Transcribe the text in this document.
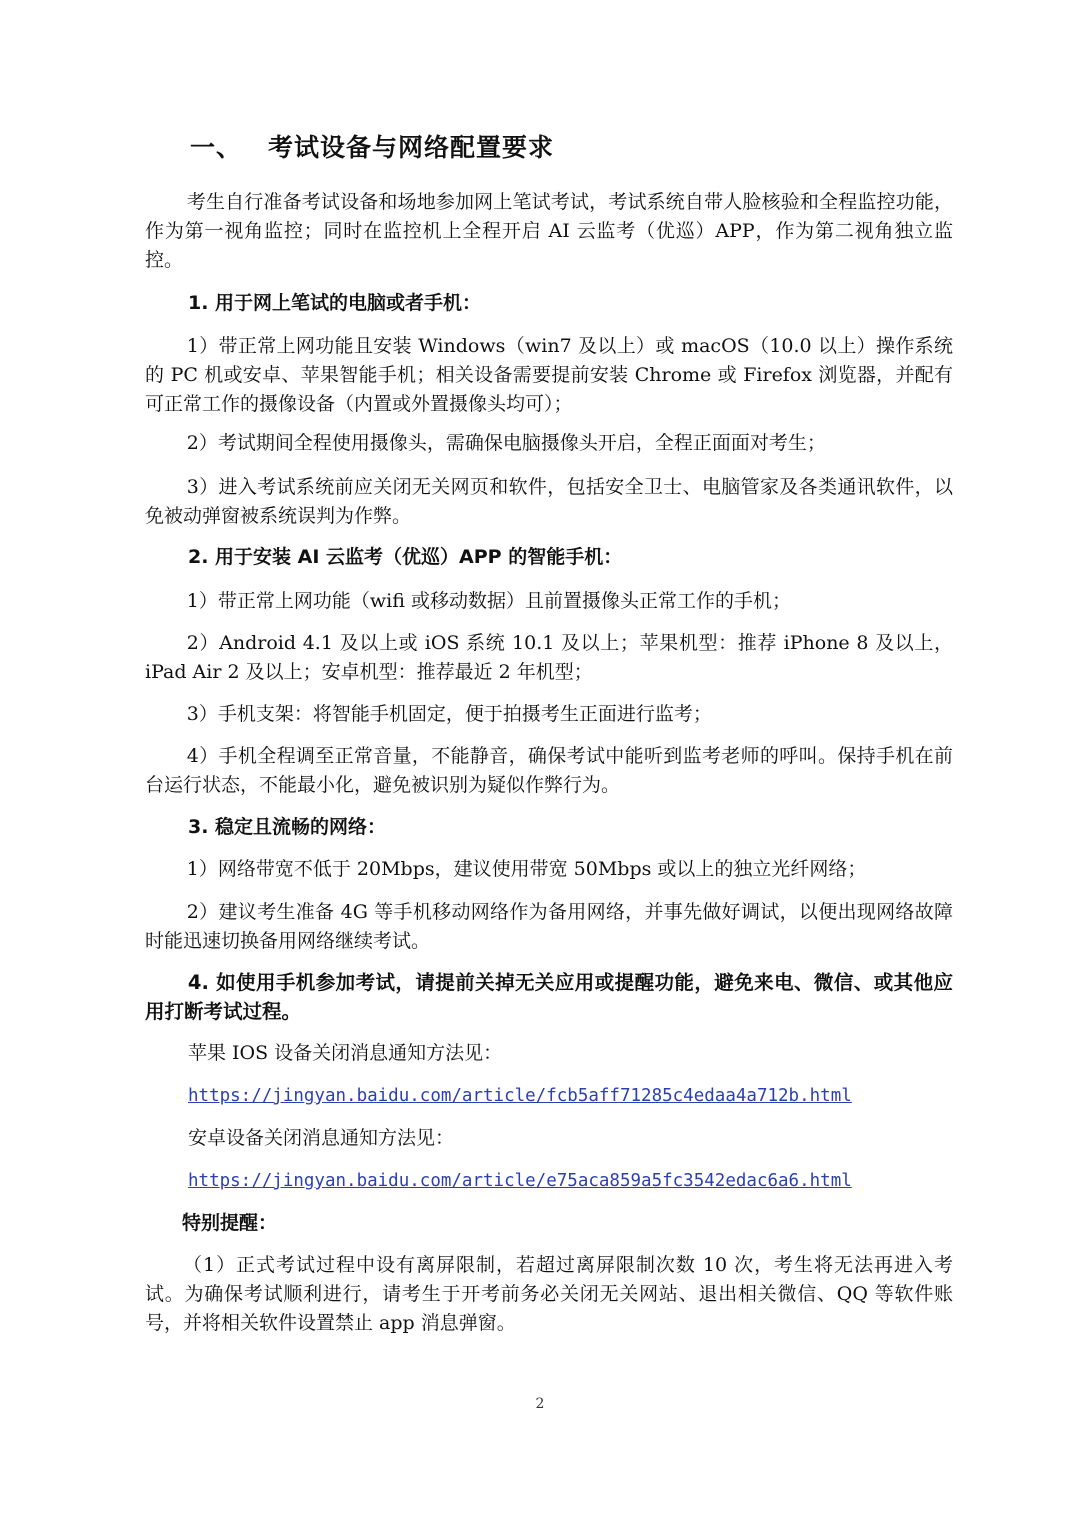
一、 考试设备与网络配置要求

考生自行准备考试设备和场地参加网上笔试考试，考试系统自带人脸核验和全程监控功能，作为第一视角监控；同时在监控机上全程开启 AI 云监考（优巡）APP，作为第二视角独立监控。

1. 用于网上笔试的电脑或者手机：

1）带正常上网功能且安装 Windows（win7 及以上）或 macOS（10.0 以上）操作系统的 PC 机或安卓、苹果智能手机；相关设备需要提前安装 Chrome 或 Firefox 浏览器，并配有可正常工作的摄像设备（内置或外置摄像头均可）；

2）考试期间全程使用摄像头，需确保电脑摄像头开启，全程正面面对考生；

3）进入考试系统前应关闭无关网页和软件，包括安全卫士、电脑管家及各类通讯软件，以免被动弹窗被系统误判为作弊。

2. 用于安装 AI 云监考（优巡）APP 的智能手机：

1）带正常上网功能（wifi 或移动数据）且前置摄像头正常工作的手机；

2）Android 4.1 及以上或 iOS 系统 10.1 及以上；苹果机型：推荐 iPhone 8 及以上，iPad Air 2 及以上；安卓机型：推荐最近 2 年机型；

3）手机支架：将智能手机固定，便于拍摄考生正面进行监考；

4）手机全程调至正常音量，不能静音，确保考试中能听到监考老师的呼叫。保持手机在前台运行状态，不能最小化，避免被识别为疑似作弊行为。

3. 稳定且流畅的网络：

1）网络带宽不低于 20Mbps，建议使用带宽 50Mbps 或以上的独立光纤网络；

2）建议考生准备 4G 等手机移动网络作为备用网络，并事先做好调试，以便出现网络故障时能迅速切换备用网络继续考试。

4. 如使用手机参加考试，请提前关掉无关应用或提醒功能，避免来电、微信、或其他应用打断考试过程。

苹果 IOS 设备关闭消息通知方法见：

https://jingyan.baidu.com/article/fcb5aff71285c4edaa4a712b.html

安卓设备关闭消息通知方法见：

https://jingyan.baidu.com/article/e75aca859a5fc3542edac6a6.html

特别提醒：

（1）正式考试过程中设有离屏限制，若超过离屏限制次数 10 次，考生将无法再进入考试。为确保考试顺利进行，请考生于开考前务必关闭无关网站、退出相关微信、QQ 等软件账号，并将相关软件设置禁止 app 消息弹窗。

2
